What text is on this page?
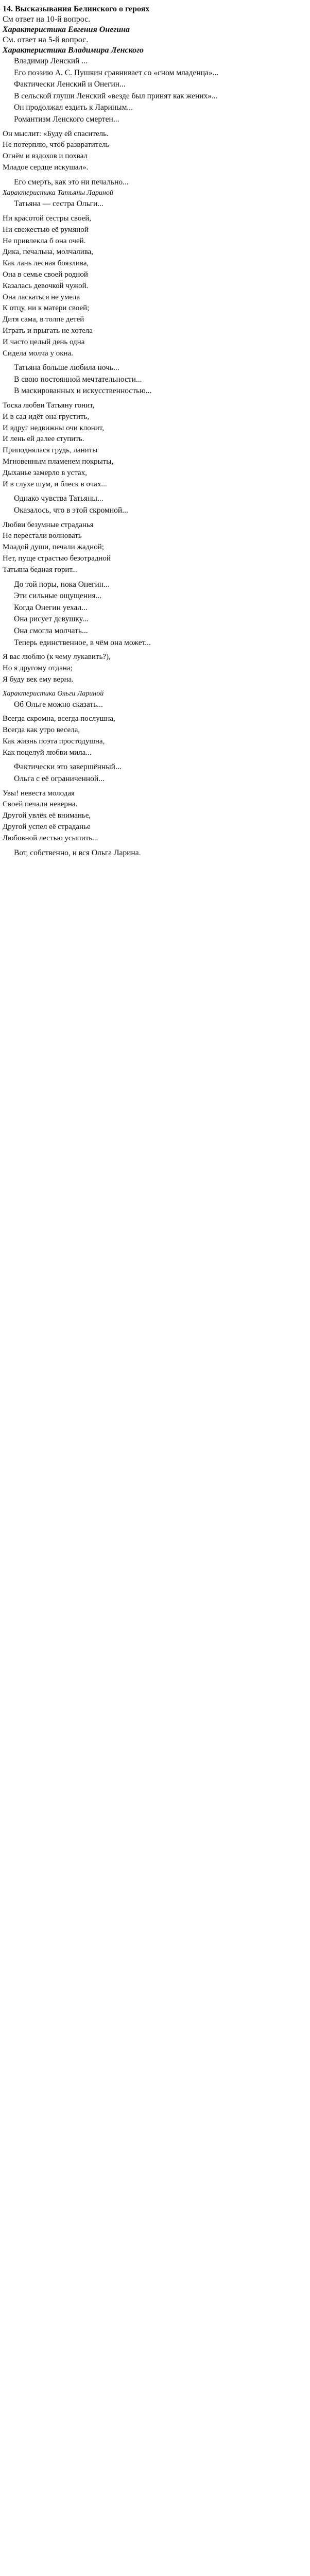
14. Высказывания Белинского о героях
См ответ на 10-й вопрос.
Характеристика Евгения Онегина
См. ответ на 5-й вопрос.
Характеристика Владимира Ленского

Владимир Ленский ...

Его поэзию А. С. Пушкин сравнивает со «сном младенца»...

Фактически Ленский и Онегин...

В сельской глуши Ленский «везде был принят как жених»...

Он продолжал ездить к Лариным...

Романтизм Ленского смертен...

Он мыслит: «Буду ей спаситель.
Не потерплю, чтоб развратитель
Огнём и вздохов и похвал
Младое сердце искушал».

Его смерть, как это ни печально...

Характеристика Татьяны Лариной

Татьяна — сестра Ольги...

Ни красотой сестры своей,
Ни свежестью её румяной
Не привлекла б она очей.
Дика, печальна, молчалива,
Как лань лесная боязлива,
Она в семье своей родной
Казалась девочкой чужой.
Она ласкаться не умела
К отцу, ни к матери своей;
Дитя сама, в толпе детей
Играть и прыгать не хотела
И часто целый день одна
Сидела молча у окна.

Татьяна больше любила ночь...

В свою постоянной мечтательности...

В маскированных и искусственностью...

Тоска любви Татьяну гонит,
И в сад идёт она грустить,
И вдруг недвижны очи клонит,
И лень ей далее ступить.
Приподнялася грудь, ланиты
Мгновенным пламенем покрыты,
Дыханье замерло в устах,
И в слухе шум, и блеск в очах...

Однако чувства Татьяны...

Оказалось, что в этой скромной...

Любви безумные страданья
Не перестали волновать
Младой души, печали жадной;
Нет, пуще страстью безотрадной
Татьяна бедная горит...

До той поры, пока Онегин...

Эти сильные ощущения...

Когда Онегин уехал...

Она рисует девушку...

Она смогла молчать...

Теперь единственное, в чём она может...

Я вас люблю (к чему лукавить?),
Но я другому отдана;
Я буду век ему верна.
Характеристика Ольги Лариной

Об Ольге можно сказать...

Всегда скромна, всегда послушна,
Всегда как утро весела,
Как жизнь поэта простодушна,
Как поцелуй любви мила...

Фактически это завершённый...

Ольга с её ограниченной...

Увы! невеста молодая
Своей печали неверна.
Другой увлёк её вниманье,
Другой успел её страданье
Любовной лестью усыпить...

Вот, собственно, и вся Ольга Ларина.
